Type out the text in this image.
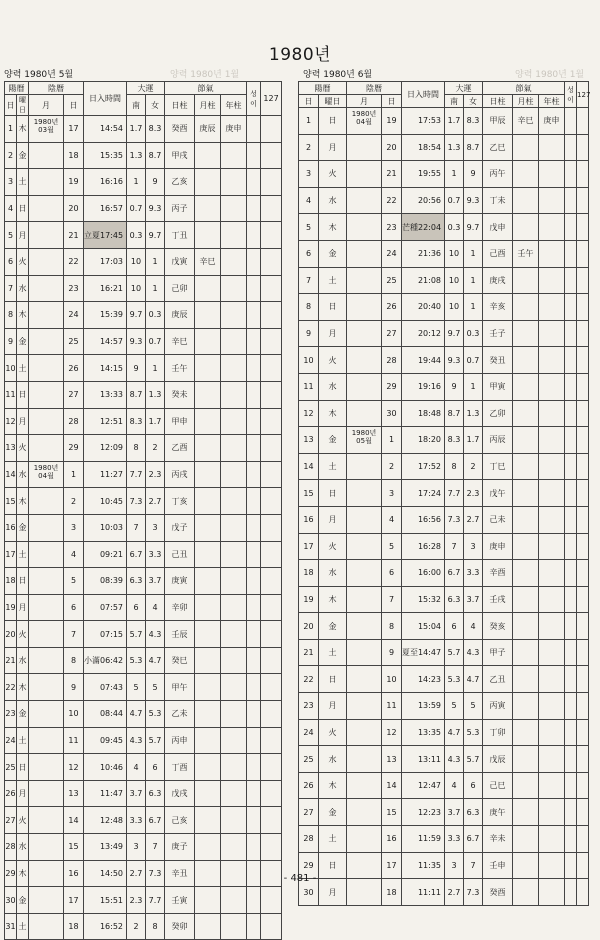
1980년
양력 1980년 5월	양력 1980년 1월	양력 1980년 6월	양력 1980년 1월
陽曆		陰曆		日入時間	大運		節氣			성이	127
日	曜日	月	日		南	女	日柱	月柱	年柱		
1	木	1980년 03월	17	14:54	1.7	8.3	癸酉	庚辰	庚申		
2	金		18	15:35	1.3	8.7	甲戌				
3	土		19	16:16	1	9	乙亥				
4	日		20	16:57	0.7	9.3	丙子				
5	月		21	立夏17:45	0.3	9.7	丁丑				
6	火		22	17:03	10	1	戊寅	辛巳			
7	水		23	16:21	10	1	己卯				
8	木		24	15:39	9.7	0.3	庚辰				
9	金		25	14:57	9.3	0.7	辛巳				
10	土		26	14:15	9	1	壬午				
11	日		27	13:33	8.7	1.3	癸未				
12	月		28	12:51	8.3	1.7	甲申				
13	火		29	12:09	8	2	乙酉				
14	水	1980년 04월	1	11:27	7.7	2.3	丙戌				
15	木		2	10:45	7.3	2.7	丁亥				
16	金		3	10:03	7	3	戊子				
17	土		4	09:21	6.7	3.3	己丑				
18	日		5	08:39	6.3	3.7	庚寅				
19	月		6	07:57	6	4	辛卯				
20	火		7	07:15	5.7	4.3	壬辰				
21	水		8	小滿06:42	5.3	4.7	癸巳				
22	木		9	07:43	5	5	甲午				
23	金		10	08:44	4.7	5.3	乙未				
24	土		11	09:45	4.3	5.7	丙申				
25	日		12	10:46	4	6	丁酉				
26	月		13	11:47	3.7	6.3	戊戌				
27	火		14	12:48	3.3	6.7	己亥				
28	水		15	13:49	3	7	庚子				
29	木		16	14:50	2.7	7.3	辛丑				
30	金		17	15:51	2.3	7.7	壬寅				
31	土		18	16:52	2	8	癸卯				
陽曆		陰曆		日入時間	大運		節氣			성이	127
日	曜日	月	日		南	女	日柱	月柱	年柱		
1	日	1980년 04월	19	17:53	1.7	8.3	甲辰	辛巳	庚申		
2	月		20	18:54	1.3	8.7	乙巳				
3	火		21	19:55	1	9	丙午				
4	水		22	20:56	0.7	9.3	丁未				
5	木		23	芒種22:04	0.3	9.7	戊申				
6	金		24	21:36	10	1	己酉	壬午			
7	土		25	21:08	10	1	庚戌				
8	日		26	20:40	10	1	辛亥				
9	月		27	20:12	9.7	0.3	壬子				
10	火		28	19:44	9.3	0.7	癸丑				
11	水		29	19:16	9	1	甲寅				
12	木		30	18:48	8.7	1.3	乙卯				
13	金	1980년 05월	1	18:20	8.3	1.7	丙辰				
14	土		2	17:52	8	2	丁巳				
15	日		3	17:24	7.7	2.3	戊午				
16	月		4	16:56	7.3	2.7	己未				
17	火		5	16:28	7	3	庚申				
18	水		6	16:00	6.7	3.3	辛酉				
19	木		7	15:32	6.3	3.7	壬戌				
20	金		8	15:04	6	4	癸亥				
21	土		9	夏至14:47	5.7	4.3	甲子				
22	日		10	14:23	5.3	4.7	乙丑				
23	月		11	13:59	5	5	丙寅				
24	火		12	13:35	4.7	5.3	丁卯				
25	水		13	13:11	4.3	5.7	戊辰				
26	木		14	12:47	4	6	己巳				
27	金		15	12:23	3.7	6.3	庚午				
28	土		16	11:59	3.3	6.7	辛未				
29	日		17	11:35	3	7	壬申				
30	月		18	11:11	2.7	7.3	癸酉				
- 481 -
